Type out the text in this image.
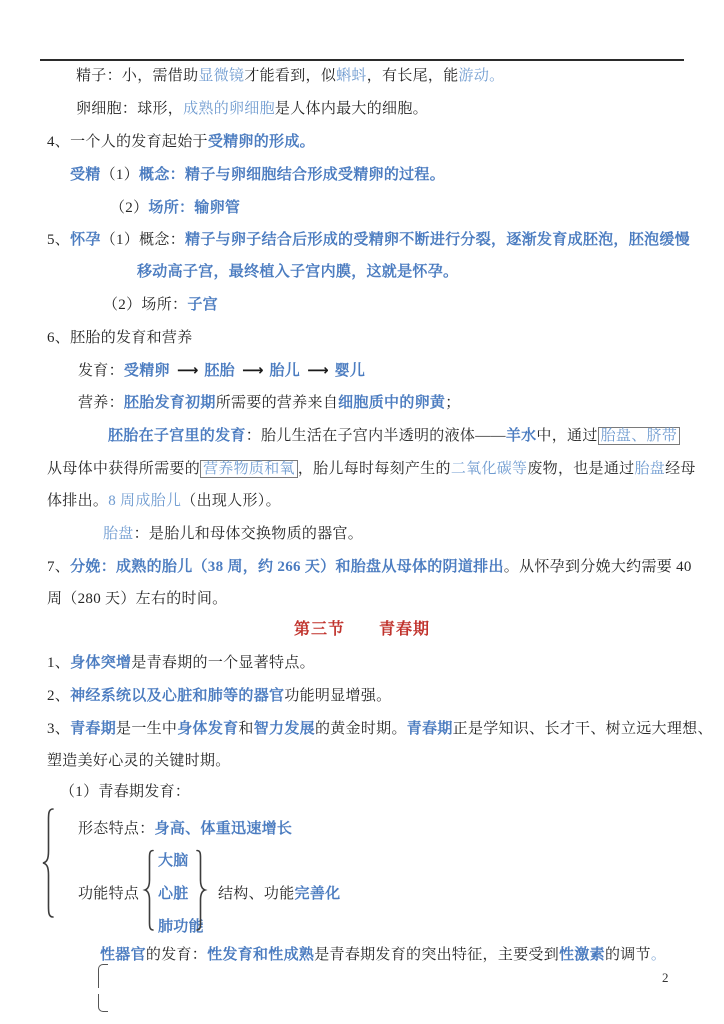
精子：小，需借助显微镜才能看到，似蝌蚪，有长尾，能游动。
卵细胞：球形，成熟的卵细胞是人体内最大的细胞。
4、一个人的发育起始于受精卵的形成。
受精（1）概念：精子与卵细胞结合形成受精卵的过程。
（2）场所：输卵管
5、怀孕（1）概念：精子与卵子结合后形成的受精卵不断进行分裂，逐渐发育成胚泡，胚泡缓慢
移动高子宫，最终植入子宫内膜，这就是怀孕。
（2）场所：子宫
6、胚胎的发育和营养
发育：受精卵 ⟶ 胚胎 ⟶ 胎儿 ⟶ 婴儿
营养：胚胎发育初期所需要的营养来自细胞质中的卵黄；
胚胎在子宫里的发育：胎儿生活在子宫内半透明的液体——羊水中，通过 胎盘、脐带
从母体中获得所需要的 营养物质和氧 ，胎儿每时每刻产生的二氧化碳等废物，也是通过胎盘经母
体排出。8 周成胎儿（出现人形）。
胎盘：是胎儿和母体交换物质的器官。
7、分娩：成熟的胎儿（38 周，约 266 天）和胎盘从母体的阴道排出。从怀孕到分娩大约需要 40
周（280 天）左右的时间。
1、身体突增是青春期的一个显著特点。
2、神经系统以及心脏和肺等的器官功能明显增强。
3、青春期是一生中身体发育和智力发展的黄金时期。青春期正是学知识、长才干、树立远大理想、
塑造美好心灵的关键时期。
（1）青春期发育：
性器官的发育：性发育和性成熟是青春期发育的突出特征，主要受到性激素的调节。
第三节　　青春期
形态特点：身高、体重迅速增长
功能特点
大脑
心脏
肺功能
结构、功能完善化
2
